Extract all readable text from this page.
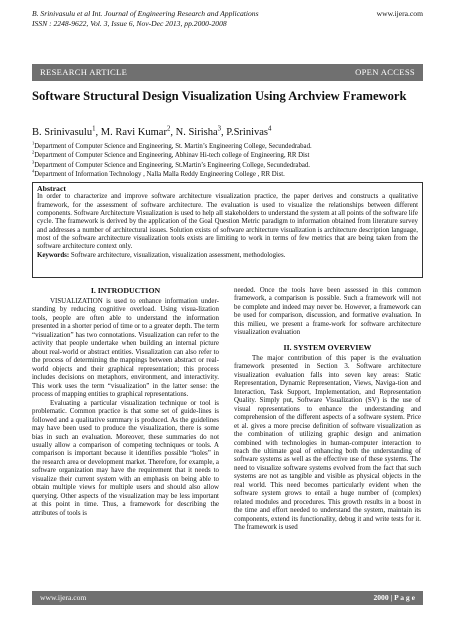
B. Srinivasulu et al Int. Journal of Engineering Research and Applications
ISSN : 2248-9622, Vol. 3, Issue 6, Nov-Dec 2013, pp.2000-2008
www.ijera.com
RESEARCH ARTICLE	OPEN ACCESS
Software Structural Design Visualization Using Archview Framework
B. Srinivasulu$^1$, M. Ravi Kumar$^2$, N. Sirisha$^3$, P.Srinivas$^4$
$^1$Department of Computer Science and Engineering, St. Martin’s Engineering College, Secundedrabad.
$^2$Department of Computer Science and Engineering, Abhinav Hi-tech college of Engineering, RR Dist
$^3$Department of Computer Science and Engineering, St.Martin’s Engineering College, Secundedrabad.
$^4$Department of Information Technology , Nalla Malla Reddy Engineering College , RR Dist.
Abstract

In order to characterize and improve software architecture visualization practice, the paper derives and constructs a qualitative framework, for the assessment of software architecture. The evaluation is used to visualize the relationships between different components. Software Architecture Visualization is used to help all stakeholders to understand the system at all points of the software life cycle. The framework is derived by the application of the Goal Question Metric paradigm to information obtained from literature survey and addresses a number of architectural issues. Solution exists of software architecture visualization is architecture description language, most of the software architecture visualization tools exists are limiting to work in terms of few metrics that are being taken from the software architecture context only.

Keywords: Software architecture, visualization, visualization assessment, methodologies.

I. INTRODUCTION

VISUALIZATION is used to enhance information under-standing by reducing cognitive overload. Using visua-lization tools, people are often able to understand the information presented in a shorter period of time or to a greater depth. The term “visualization” has two connotations. Visualization can refer to the activity that people undertake when building an internal picture about real-world or abstract entities. Visualization can also refer to the process of determining the mappings between abstract or real-world objects and their graphical representation; this process includes decisions on metaphors, environment, and interactivity. This work uses the term “visualization” in the latter sense: the process of mapping entities to graphical representations.

Evaluating a particular visualization technique or tool is problematic. Common practice is that some set of guide-lines is followed and a qualitative summary is produced. As the guidelines may have been used to produce the visualization, there is some bias in such an evaluation. Moreover, these summaries do not usually allow a comparison of competing techniques or tools. A comparison is important because it identifies possible “holes” in the research area or development market. Therefore, for example, a software organization may have the requirement that it needs to visualize their current system with an emphasis on being able to obtain multiple views for multiple users and should also allow querying. Other aspects of the visualization may be less important at this point in time. Thus, a framework for describing the attributes of tools is

needed. Once the tools have been assessed in this common framework, a comparison is possible. Such a framework will not be complete and indeed may never be. However, a framework can be used for comparison, discussion, and formative evaluation. In this milieu, we present a frame-work for software architecture visualization evaluation

II. SYSTEM OVERVIEW

The major contribution of this paper is the evaluation framework presented in Section 3. Software architecture visualization evaluation falls into seven key areas: Static Representation, Dynamic Representation, Views, Naviga-tion and Interaction, Task Support, Implementation, and Representation Quality. Simply put, Software Visualization (SV) is the use of visual representations to enhance the understanding and comprehension of the different aspects of a software system. Price et al. gives a more precise definition of software visualization as the combination of utilizing graphic design and animation combined with technologies in human-computer interaction to reach the ultimate goal of enhancing both the understanding of software systems as well as the effective use of these systems. The need to visualize software systems evolved from the fact that such systems are not as tangible and visible as physical objects in the real world. This need becomes particularly evident when the software system grows to entail a huge number of (complex) related modules and procedures. This growth results in a boost in the time and effort needed to understand the system, maintain its components, extend its functionality, debug it and write tests for it. The framework is used

www.ijera.com	2000 | P a g e
